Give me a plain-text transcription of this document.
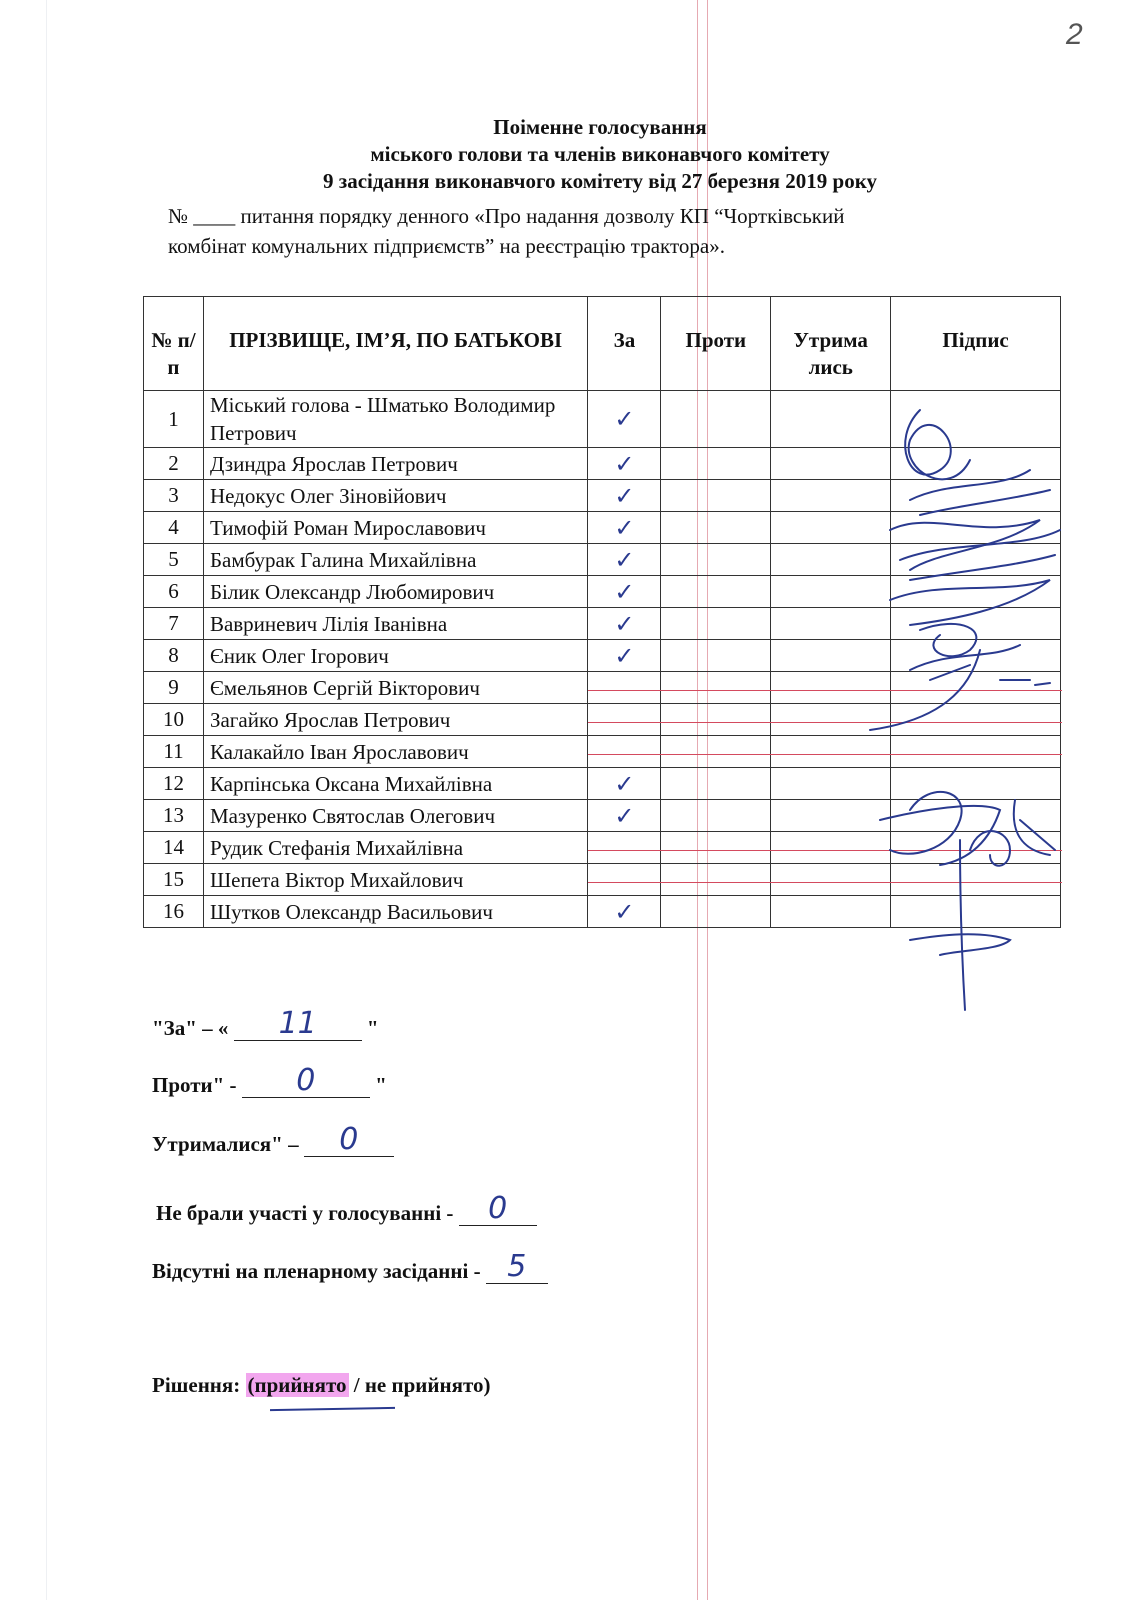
2
Поіменне голосування
міського голови та членів виконавчого комітету
9 засідання виконавчого комітету від 27 березня 2019 року
№ ____ питання порядку денного «Про надання дозволу КП “Чортківський
комбінат комунальних підприємств” на реєстрацію трактора».
№ п/ п	ПРІЗВИЩЕ, ІМ’Я, ПО БАТЬКОВІ	За	Проти	Утрима лись	Підпис
1	Міський голова - Шматько Володимир Петрович	✓			
2	Дзиндра Ярослав Петрович	✓			
3	Недокус Олег Зіновійович	✓			
4	Тимофій Роман Мирославович	✓			
5	Бамбурак Галина Михайлівна	✓			
6	Білик Олександр Любомирович	✓			
7	Вавриневич Лілія Іванівна	✓			
8	Єник Олег Ігорович	✓			
9	Ємельянов Сергій Вікторович	

10	Загайко Ярослав Петрович	

11	Калакайло Іван Ярославович	

12	Карпінська Оксана Михайлівна	✓			
13	Мазуренко Святослав Олегович	✓			
14	Рудик Стефанія Михайлівна	

15	Шепета Віктор Михайлович	

16	Шутков Олександр Васильович	✓			
"За" – « 11 "
Проти" - 0	"
Утрималися" – 0
Не брали участі у голосуванні - 0
Відсутні на пленарному засіданні - 5
Рішення: (прийнято / не прийнято)
